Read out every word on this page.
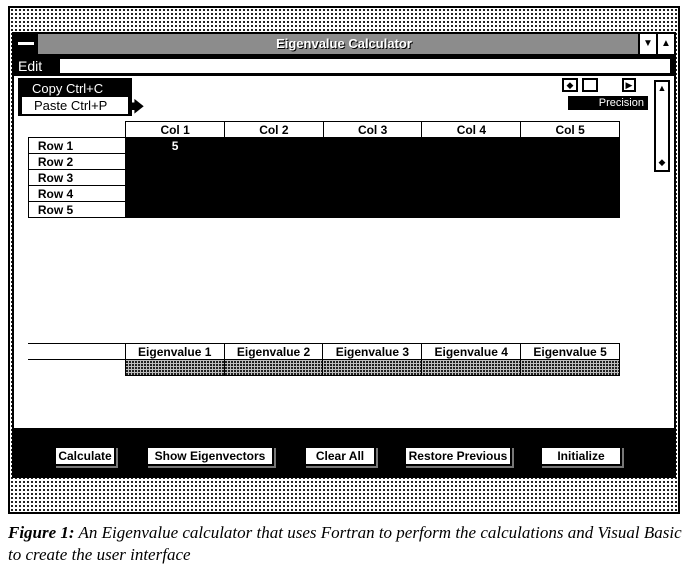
Eigenvalue Calculator	▼ ▲
Edit
Copy Ctrl+C
Paste Ctrl+P	🡆
◆	▶
Precision
▲
◆
	Col 1	Col 2	Col 3	Col 4	Col 5
Row 1	5				
Row 2					
Row 3					
Row 4					
Row 5					
	Eigenvalue 1	Eigenvalue 2	Eigenvalue 3	Eigenvalue 4	Eigenvalue 5

Calculate	Show Eigenvectors	Clear All	Restore Previous	Initialize
Figure 1: An Eigenvalue calculator that uses Fortran to perform the calculations and Visual Basic to create the user interface
